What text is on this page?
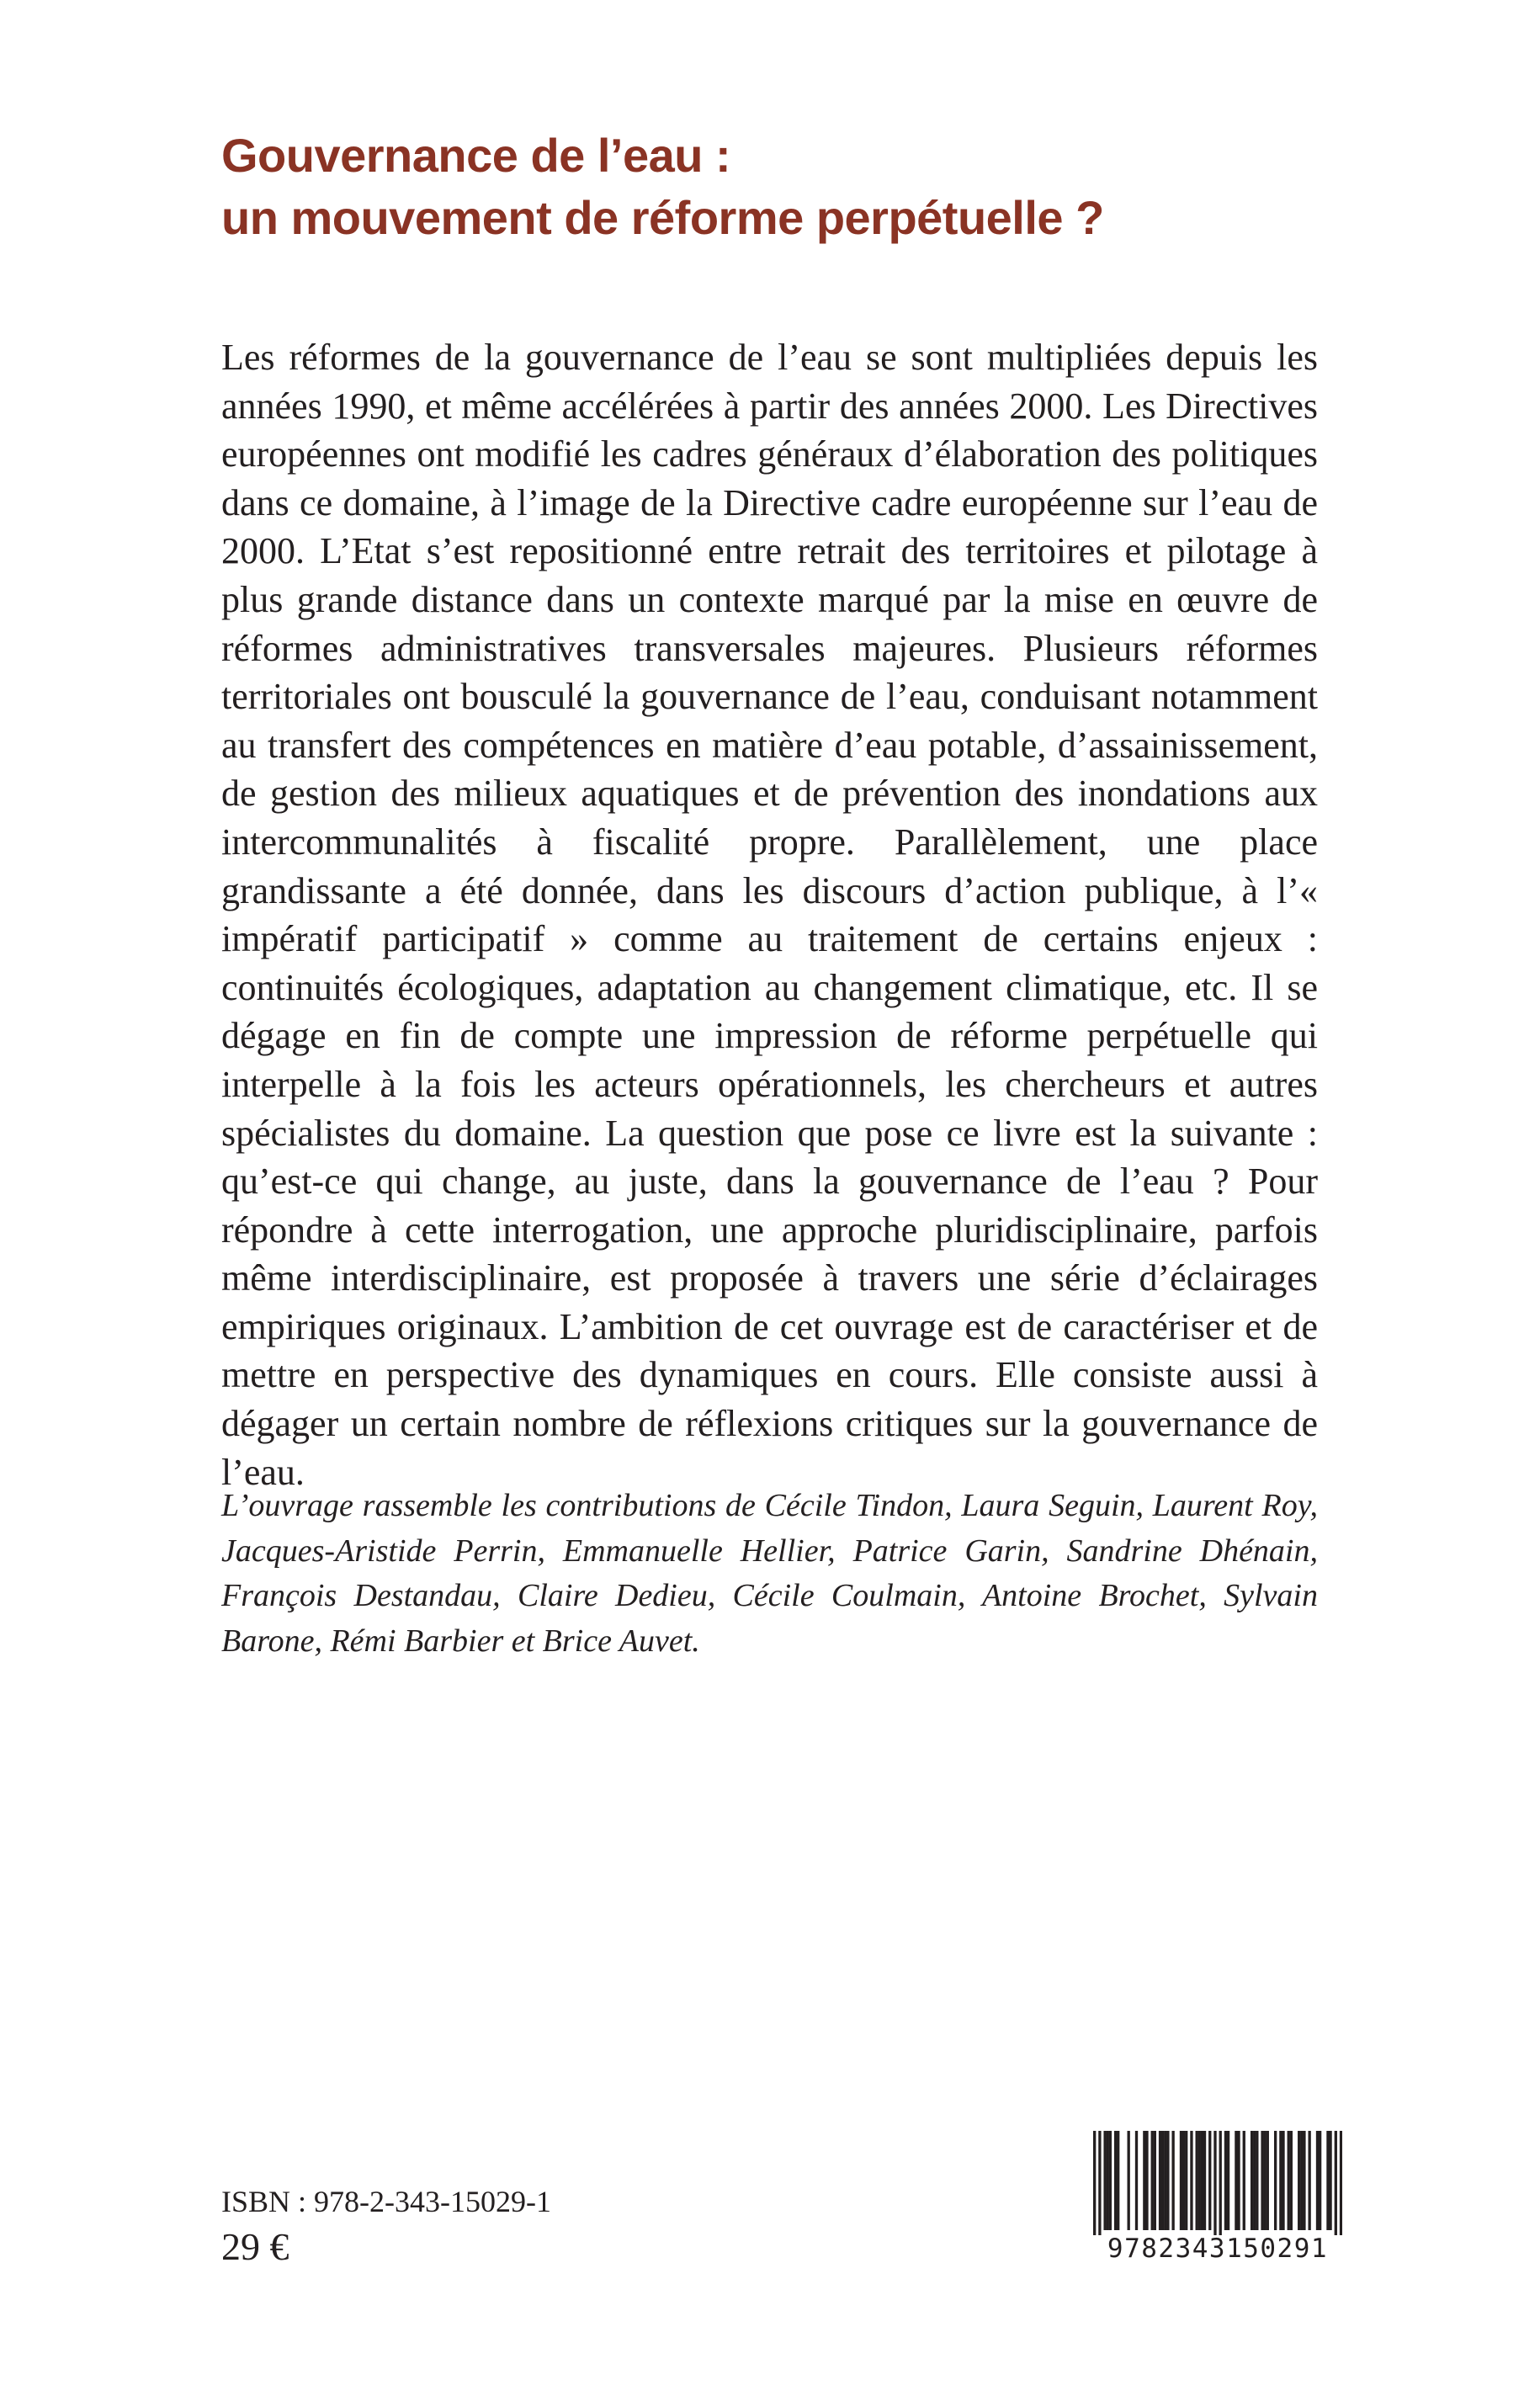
Gouvernance de l’eau :
un mouvement de réforme perpétuelle ?

Les réformes de la gouvernance de l’eau se sont multipliées depuis les années 1990, et même accélérées à partir des années 2000. Les Directives européennes ont modifié les cadres généraux d’élaboration des politiques dans ce domaine, à l’image de la Directive cadre européenne sur l’eau de 2000. L’Etat s’est repositionné entre retrait des territoires et pilotage à plus grande distance dans un contexte marqué par la mise en œuvre de réformes administratives transversales majeures. Plusieurs réformes territoriales ont bousculé la gouvernance de l’eau, conduisant notamment au transfert des compétences en matière d’eau potable, d’assainissement, de gestion des milieux aquatiques et de prévention des inondations aux intercommunalités à fiscalité propre. Parallèlement, une place grandissante a été donnée, dans les discours d’action publique, à l’« impératif participatif » comme au traitement de certains enjeux : continuités écologiques, adaptation au changement climatique, etc. Il se dégage en fin de compte une impression de réforme perpétuelle qui interpelle à la fois les acteurs opérationnels, les chercheurs et autres spécialistes du domaine. La question que pose ce livre est la suivante : qu’est-ce qui change, au juste, dans la gouvernance de l’eau ? Pour répondre à cette interrogation, une approche pluridisciplinaire, parfois même interdisciplinaire, est proposée à travers une série d’éclairages empiriques originaux. L’ambition de cet ouvrage est de caractériser et de mettre en perspective des dynamiques en cours. Elle consiste aussi à dégager un certain nombre de réflexions critiques sur la gouvernance de l’eau.

L’ouvrage rassemble les contributions de Cécile Tindon, Laura Seguin, Laurent Roy, Jacques-Aristide Perrin, Emmanuelle Hellier, Patrice Garin, Sandrine Dhénain, François Destandau, Claire Dedieu, Cécile Coulmain, Antoine Brochet, Sylvain Barone, Rémi Barbier et Brice Auvet.

ISBN : 978-2-343-15029-1

29 €	9782343150291
